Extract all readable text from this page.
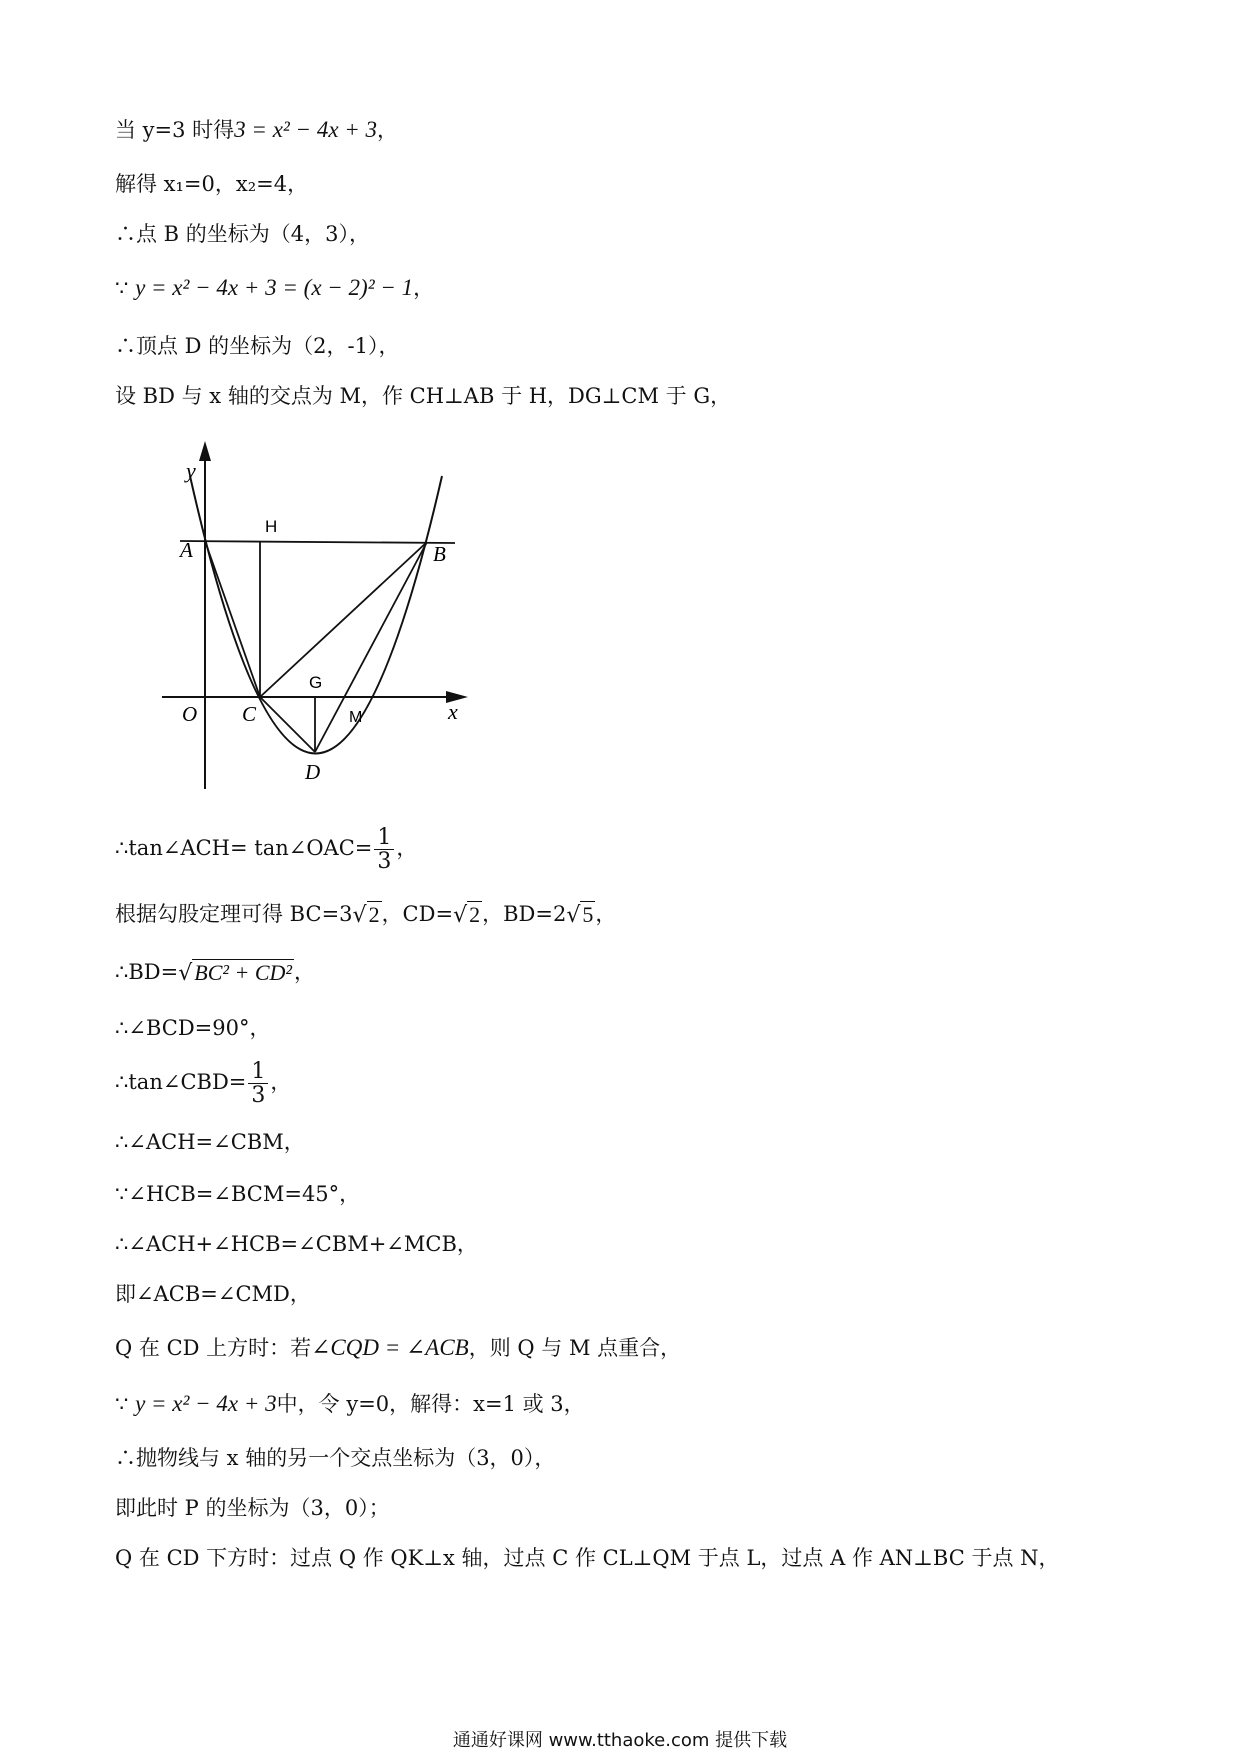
当 y=3 时得3 = x² − 4x + 3，
解得 x₁=0，x₂=4，
∴点 B 的坐标为（4，3），
∵ y = x² − 4x + 3 = (x − 2)² − 1，
∴顶点 D 的坐标为（2，-1），
设 BD 与 x 轴的交点为 M，作 CH⊥AB 于 H，DG⊥CM 于 G，
y
x
O
A	B
C
D
H
G
M
∴tan∠ACH= tan∠OAC= $\frac{1}{3}$ ，
根据勾股定理可得 BC=3√2，CD=√2，BD=2√5，
∴BD=√BC² + CD²，
∴∠BCD=90°，
∴tan∠CBD= $\frac{1}{3}$ ，
∴∠ACH=∠CBM，
∵∠HCB=∠BCM=45°，
∴∠ACH+∠HCB=∠CBM+∠MCB，
即∠ACB=∠CMD，
Q 在 CD 上方时：若∠CQD = ∠ACB，则 Q 与 M 点重合，
∵ y = x² − 4x + 3中，令 y=0，解得：x=1 或 3，
∴抛物线与 x 轴的另一个交点坐标为（3，0），
即此时 P 的坐标为（3，0）；
Q 在 CD 下方时：过点 Q 作 QK⊥x 轴，过点 C 作 CL⊥QM 于点 L，过点 A 作 AN⊥BC 于点 N，
通通好课网 www.tthaoke.com 提供下载
